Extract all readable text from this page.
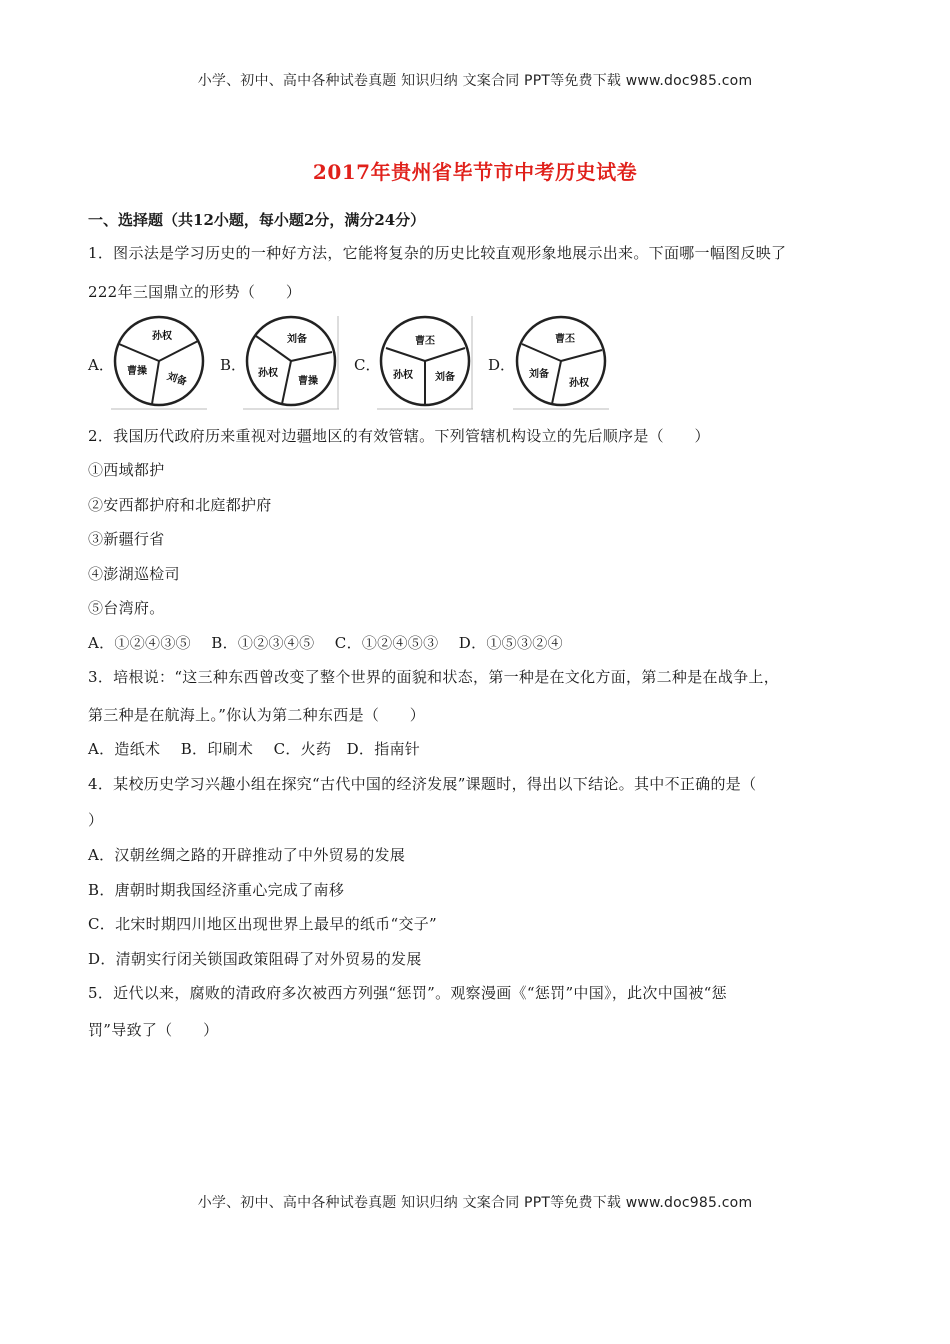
小学、初中、高中各种试卷真题 知识归纳 文案合同 PPT等免费下载 www.doc985.com
2017年贵州省毕节市中考历史试卷
一、选择题（共12小题，每小题2分，满分24分）
1．图示法是学习历史的一种好方法，它能将复杂的历史比较直观形象地展示出来。下面哪一幅图反映了
222年三国鼎立的形势（　　）
A．
孙权
曹操 刘备
B．
刘备
孙权
曹操
C．
曹丕
孙权 刘备
D．
曹丕
刘备
孙权
2．我国历代政府历来重视对边疆地区的有效管辖。下列管辖机构设立的先后顺序是（　　）
①西域都护
②安西都护府和北庭都护府
③新疆行省
④澎湖巡检司
⑤台湾府。
A．①②④③⑤　 B．①②③④⑤　 C．①②④⑤③　 D．①⑤③②④
3．培根说：“这三种东西曾改变了整个世界的面貌和状态，第一种是在文化方面，第二种是在战争上，
第三种是在航海上。”你认为第二种东西是（　　）
A．造纸术　 B．印刷术　 C．火药　D．指南针
4．某校历史学习兴趣小组在探究“古代中国的经济发展”课题时，得出以下结论。其中不正确的是（
）
A．汉朝丝绸之路的开辟推动了中外贸易的发展
B．唐朝时期我国经济重心完成了南移
C．北宋时期四川地区出现世界上最早的纸币“交子”
D．清朝实行闭关锁国政策阻碍了对外贸易的发展
5．近代以来，腐败的清政府多次被西方列强“惩罚”。观察漫画《“惩罚”中国》，此次中国被“惩
罚”导致了（　　）
小学、初中、高中各种试卷真题 知识归纳 文案合同 PPT等免费下载 www.doc985.com
